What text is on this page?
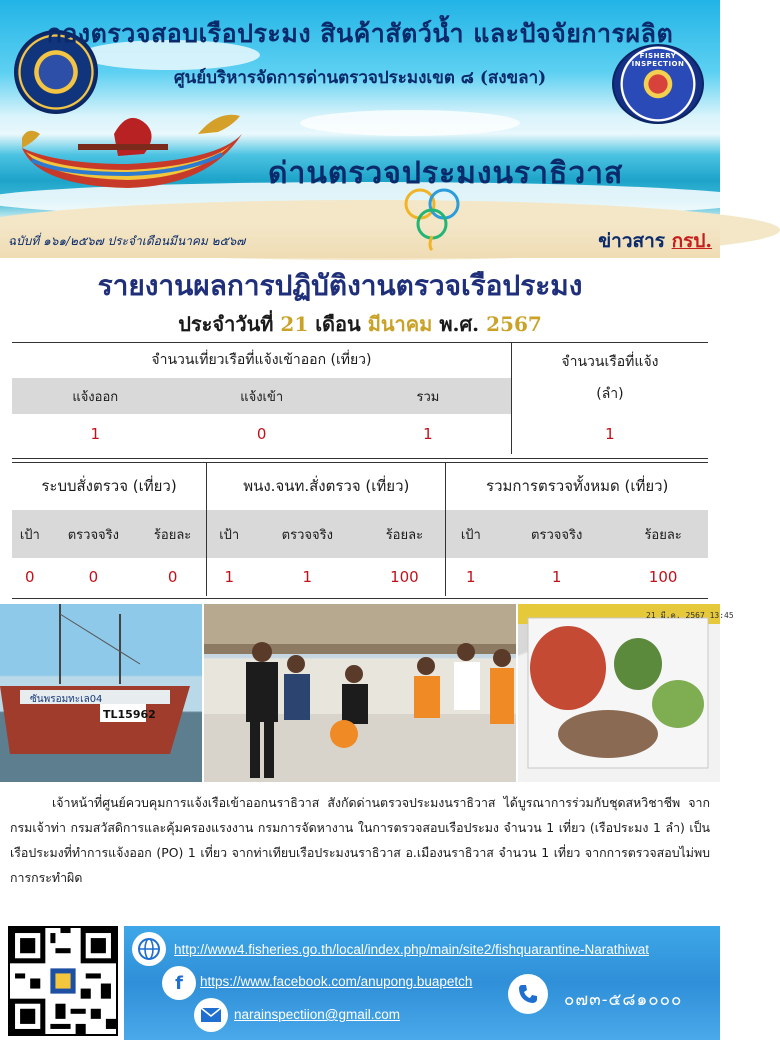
FISHERY INSPECTION
กองตรวจสอบเรือประมง สินค้าสัตว์น้ำ และปัจจัยการผลิต
ศูนย์บริหารจัดการด่านตรวจประมงเขต ๘ (สงขลา)
ด่านตรวจประมงนราธิวาส
ฉบับที่ ๑๖๑/๒๕๖๗ ประจำเดือนมีนาคม ๒๕๖๗	ข่าวสาร กรป.
รายงานผลการปฏิบัติงานตรวจเรือประมง
ประจำวันที่ 21 เดือน มีนาคม พ.ศ. 2567
จำนวนเที่ยวเรือที่แจ้งเข้าออก (เที่ยว)			จำนวนเรือที่แจ้ง
(ลำ)

แจ้งออก	แจ้งเข้า	รวม	
1	0	1	1
ระบบสั่งตรวจ (เที่ยว)			พนง.จนท.สั่งตรวจ (เที่ยว)			รวมการตรวจทั้งหมด (เที่ยว)		
เป้า	ตรวจจริง	ร้อยละ	เป้า	ตรวจจริง	ร้อยละ	เป้า	ตรวจจริง	ร้อยละ
0	0	0	1	1	100	1	1	100
ซันพรอมทะเล04
TL15962
21 มี.ค. 2567 13:45
เจ้าหน้าที่ศูนย์ควบคุมการแจ้งเรือเข้าออกนราธิวาส สังกัดด่านตรวจประมงนราธิวาส ได้บูรณาการร่วมกับชุดสหวิชาชีพ จากกรมเจ้าท่า กรมสวัสดิการและคุ้มครองแรงงาน กรมการจัดหางาน ในการตรวจสอบเรือประมง จำนวน 1 เที่ยว (เรือประมง 1 ลำ) เป็นเรือประมงที่ทำการแจ้งออก (PO) 1 เที่ยว จากท่าเทียบเรือประมงนราธิวาส อ.เมืองนราธิวาส จำนวน 1 เที่ยว จากการตรวจสอบไม่พบการกระทำผิด
http://www4.fisheries.go.th/local/index.php/main/site2/fishquarantine-Narathiwat
f	https://www.facebook.com/anupong.buapetch
narainspectiion@gmail.com
๐๗๓-๕๘๑๐๐๐
